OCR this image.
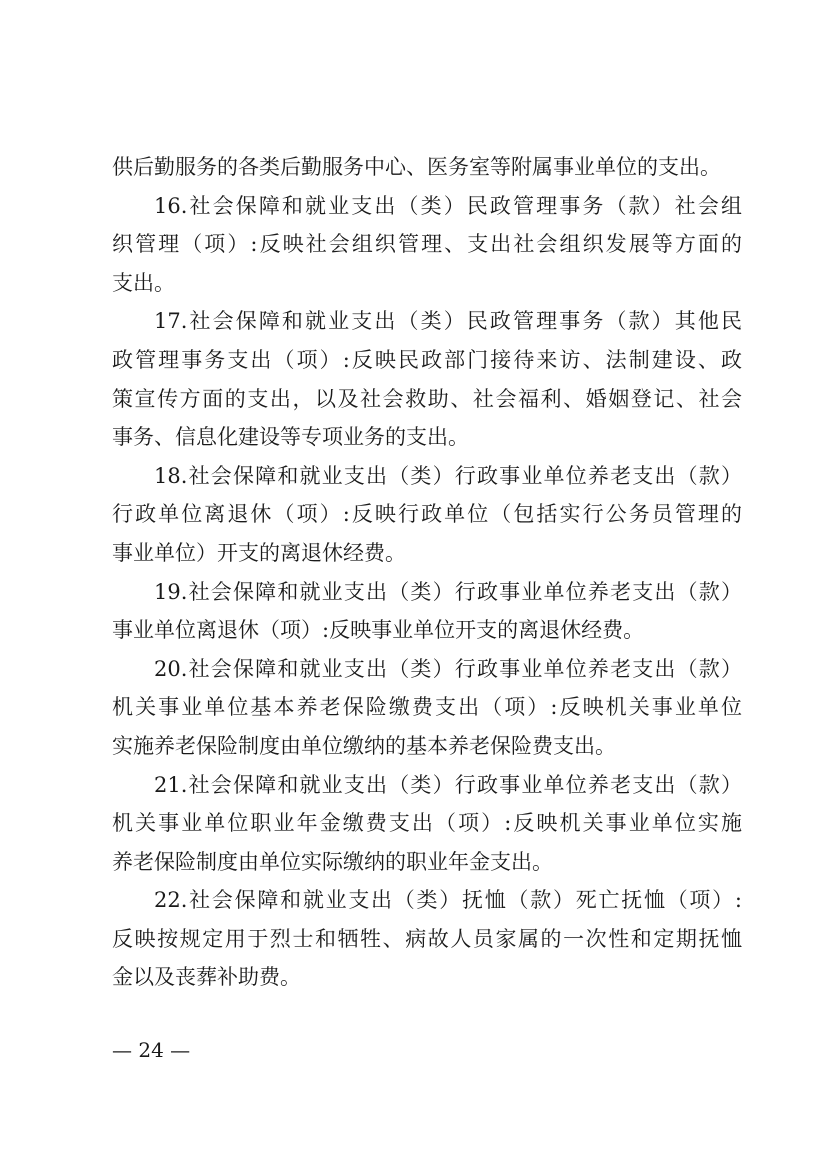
供后勤服务的各类后勤服务中心、医务室等附属事业单位的支出。
16.社会保障和就业支出（类）民政管理事务（款）社会组
织管理（项）:反映社会组织管理、支出社会组织发展等方面的
支出。
17.社会保障和就业支出（类）民政管理事务（款）其他民
政管理事务支出（项）:反映民政部门接待来访、法制建设、政
策宣传方面的支出，以及社会救助、社会福利、婚姻登记、社会
事务、信息化建设等专项业务的支出。
18.社会保障和就业支出（类）行政事业单位养老支出（款）
行政单位离退休（项）:反映行政单位（包括实行公务员管理的
事业单位）开支的离退休经费。
19.社会保障和就业支出（类）行政事业单位养老支出（款）
事业单位离退休（项）:反映事业单位开支的离退休经费。
20.社会保障和就业支出（类）行政事业单位养老支出（款）
机关事业单位基本养老保险缴费支出（项）:反映机关事业单位
实施养老保险制度由单位缴纳的基本养老保险费支出。
21.社会保障和就业支出（类）行政事业单位养老支出（款）
机关事业单位职业年金缴费支出（项）:反映机关事业单位实施
养老保险制度由单位实际缴纳的职业年金支出。
22.社会保障和就业支出（类）抚恤（款）死亡抚恤（项）:
反映按规定用于烈士和牺牲、病故人员家属的一次性和定期抚恤
金以及丧葬补助费。
— 24 —
